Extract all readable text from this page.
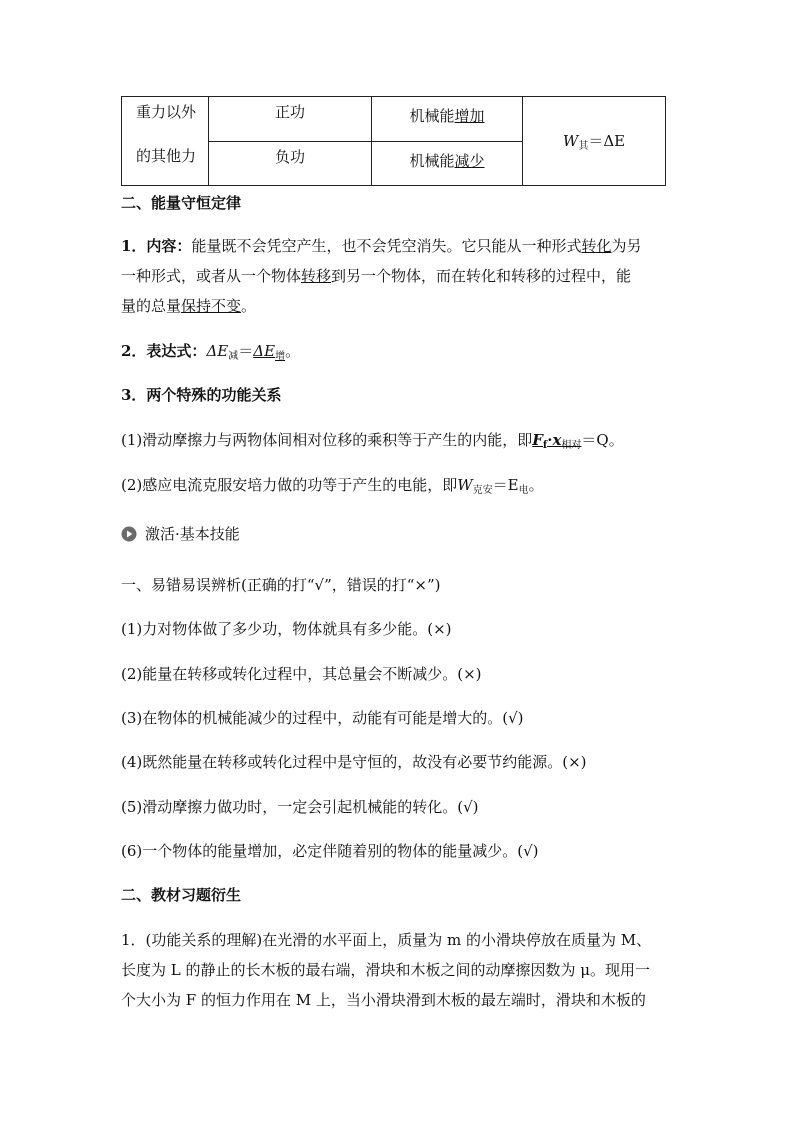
重力以外
的其他力	正功	机械能增加	$W_其=\Delta E$
	负功	机械能减少	
二、能量守恒定律
1．内容：能量既不会凭空产生，也不会凭空消失。它只能从一种形式转化为另
一种形式，或者从一个物体转移到另一个物体，而在转化和转移的过程中，能
量的总量保持不变。
2．表达式：$\Delta E_减=\Delta E_增$。
3．两个特殊的功能关系
(1)滑动摩擦力与两物体间相对位移的乘积等于产生的内能，即$F_f\cdot x_{相对}=Q$。
(2)感应电流克服安培力做的功等于产生的电能，即$W_{克安}=E_电$。
激活·基本技能
一、易错易误辨析(正确的打“√”，错误的打“×”)
(1)力对物体做了多少功，物体就具有多少能。(×)
(2)能量在转移或转化过程中，其总量会不断减少。(×)
(3)在物体的机械能减少的过程中，动能有可能是增大的。(√)
(4)既然能量在转移或转化过程中是守恒的，故没有必要节约能源。(×)
(5)滑动摩擦力做功时，一定会引起机械能的转化。(√)
(6)一个物体的能量增加，必定伴随着别的物体的能量减少。(√)
二、教材习题衍生
1．(功能关系的理解)在光滑的水平面上，质量为 m 的小滑块停放在质量为 M、
长度为 L 的静止的长木板的最右端，滑块和木板之间的动摩擦因数为 μ。现用一
个大小为 F 的恒力作用在 M 上，当小滑块滑到木板的最左端时，滑块和木板的
